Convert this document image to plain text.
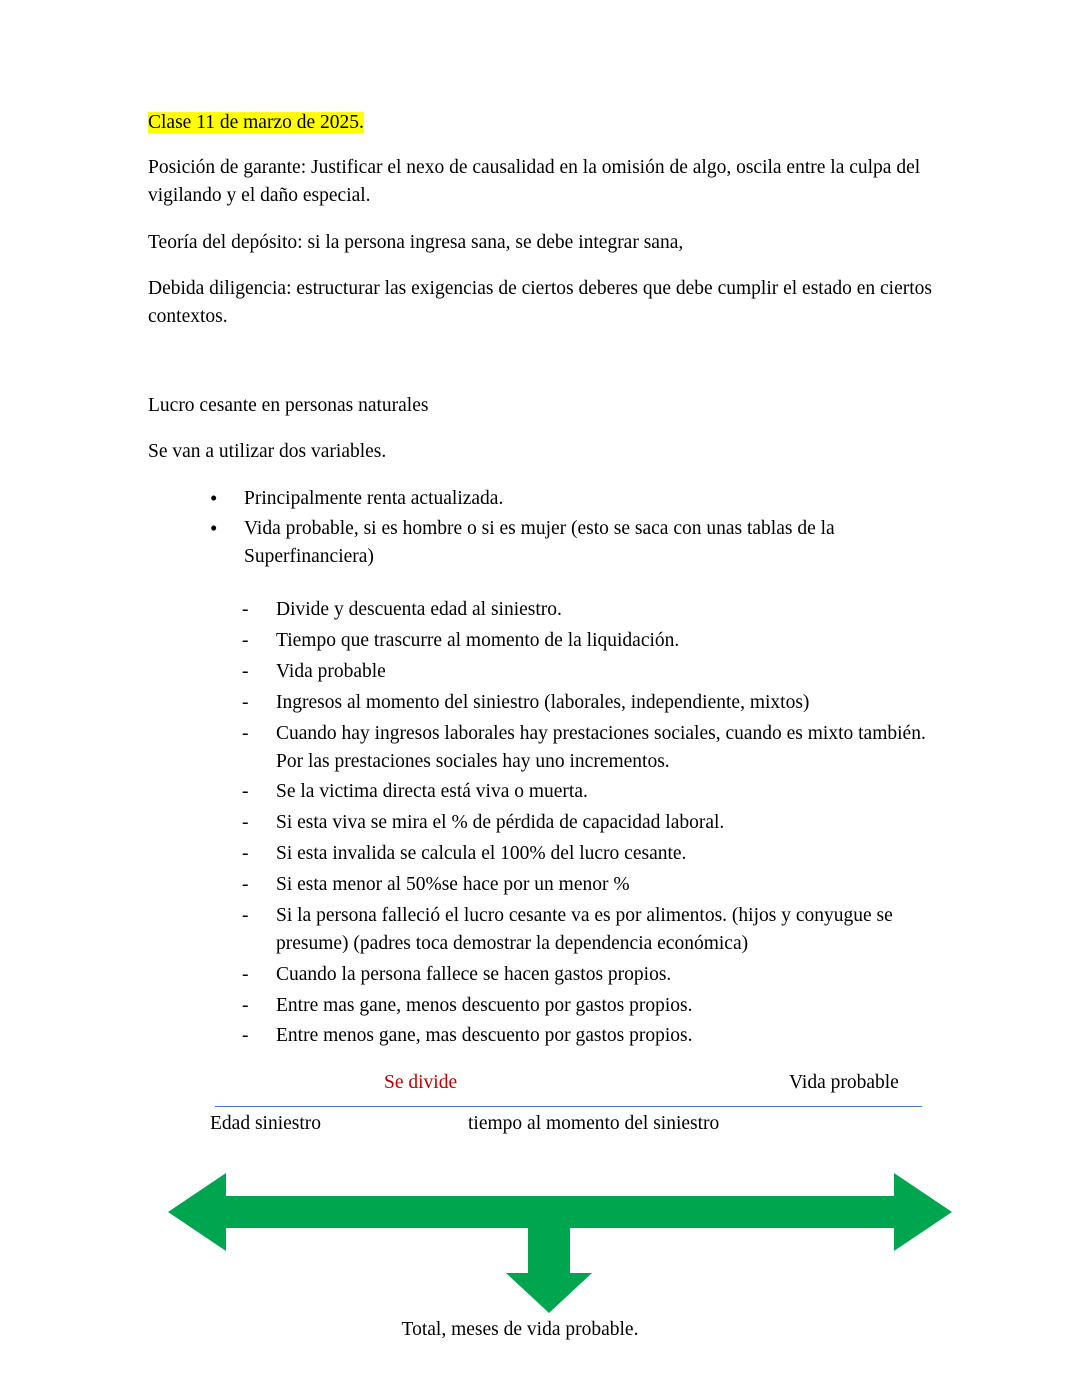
Clase 11 de marzo de 2025.

Posición de garante: Justificar el nexo de causalidad en la omisión de algo, oscila entre la culpa del vigilando y el daño especial.

Teoría del depósito: si la persona ingresa sana, se debe integrar sana,

Debida diligencia: estructurar las exigencias de ciertos deberes que debe cumplir el estado en ciertos contextos.

Lucro cesante en personas naturales

Se van a utilizar dos variables.

• Principalmente renta actualizada.
• Vida probable, si es hombre o si es mujer (esto se saca con unas tablas de la Superfinanciera)
- Divide y descuenta edad al siniestro.
- Tiempo que trascurre al momento de la liquidación.
- Vida probable
- Ingresos al momento del siniestro (laborales, independiente, mixtos)
- Cuando hay ingresos laborales hay prestaciones sociales, cuando es mixto también. Por las prestaciones sociales hay uno incrementos.
- Se la victima directa está viva o muerta.
- Si esta viva se mira el % de pérdida de capacidad laboral.
- Si esta invalida se calcula el 100% del lucro cesante.
- Si esta menor al 50%se hace por un menor %
- Si la persona falleció el lucro cesante va es por alimentos. (hijos y conyugue se presume) (padres toca demostrar la dependencia económica)
- Cuando la persona fallece se hacen gastos propios.
- Entre mas gane, menos descuento por gastos propios.
- Entre menos gane, mas descuento por gastos propios.
Se divide	Vida probable
Edad siniestro	tiempo al momento del siniestro
Total, meses de vida probable.
